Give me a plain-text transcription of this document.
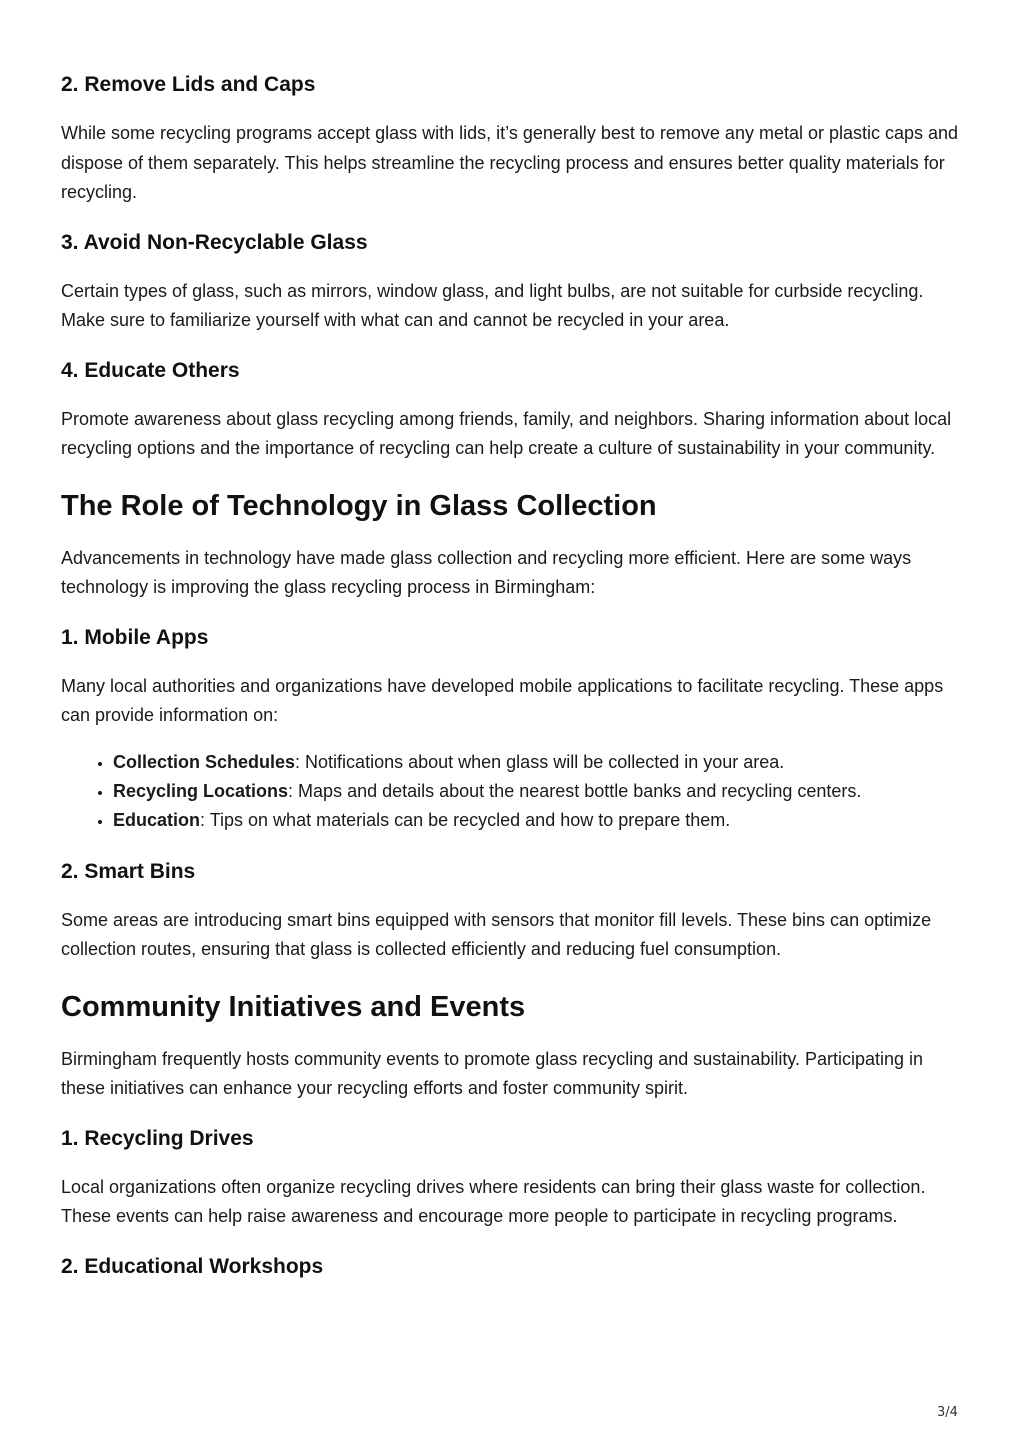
2. Remove Lids and Caps

While some recycling programs accept glass with lids, it’s generally best to remove any metal or plastic caps and dispose of them separately. This helps streamline the recycling process and ensures better quality materials for recycling.

3. Avoid Non-Recyclable Glass

Certain types of glass, such as mirrors, window glass, and light bulbs, are not suitable for curbside recycling. Make sure to familiarize yourself with what can and cannot be recycled in your area.

4. Educate Others

Promote awareness about glass recycling among friends, family, and neighbors. Sharing information about local recycling options and the importance of recycling can help create a culture of sustainability in your community.

The Role of Technology in Glass Collection

Advancements in technology have made glass collection and recycling more efficient. Here are some ways technology is improving the glass recycling process in Birmingham:

1. Mobile Apps

Many local authorities and organizations have developed mobile applications to facilitate recycling. These apps can provide information on:

• Collection Schedules: Notifications about when glass will be collected in your area.
• Recycling Locations: Maps and details about the nearest bottle banks and recycling centers.
• Education: Tips on what materials can be recycled and how to prepare them.
2. Smart Bins

Some areas are introducing smart bins equipped with sensors that monitor fill levels. These bins can optimize collection routes, ensuring that glass is collected efficiently and reducing fuel consumption.

Community Initiatives and Events

Birmingham frequently hosts community events to promote glass recycling and sustainability. Participating in these initiatives can enhance your recycling efforts and foster community spirit.

1. Recycling Drives

Local organizations often organize recycling drives where residents can bring their glass waste for collection. These events can help raise awareness and encourage more people to participate in recycling programs.

2. Educational Workshops
3/4
